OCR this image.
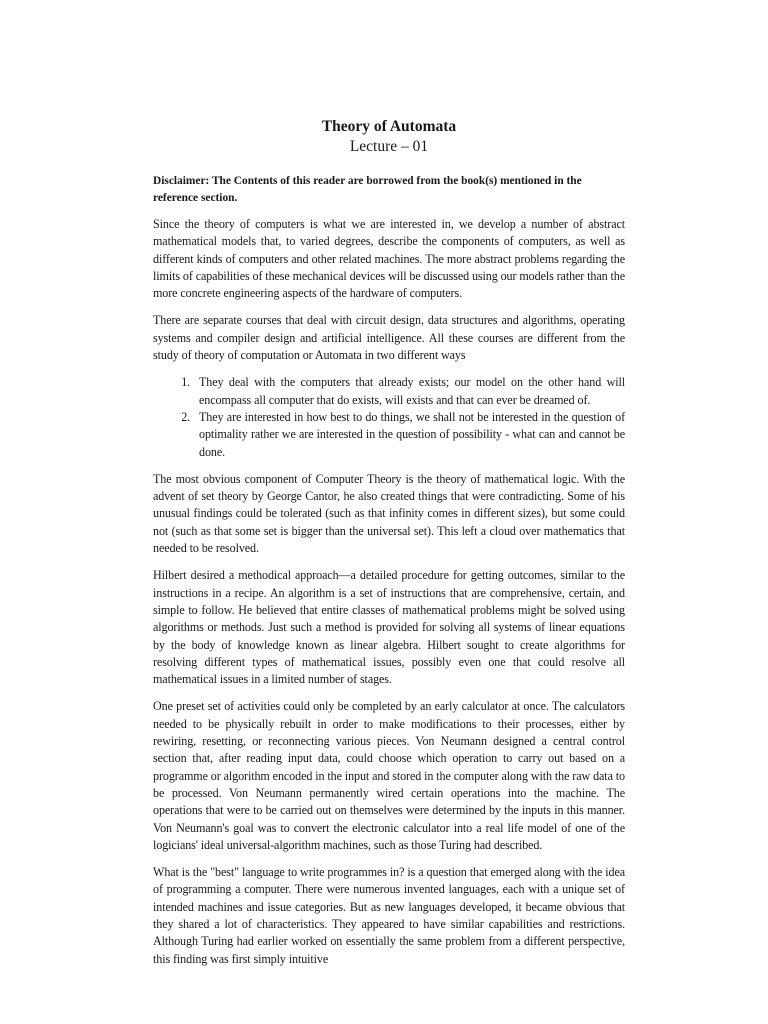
Theory of Automata
Lecture – 01

Disclaimer: The Contents of this reader are borrowed from the book(s) mentioned in the reference section.

Since the theory of computers is what we are interested in, we develop a number of abstract mathematical models that, to varied degrees, describe the components of computers, as well as different kinds of computers and other related machines. The more abstract problems regarding the limits of capabilities of these mechanical devices will be discussed using our models rather than the more concrete engineering aspects of the hardware of computers.

There are separate courses that deal with circuit design, data structures and algorithms, operating systems and compiler design and artificial intelligence. All these courses are different from the study of theory of computation or Automata in two different ways

1. They deal with the computers that already exists; our model on the other hand will encompass all computer that do exists, will exists and that can ever be dreamed of.
2. They are interested in how best to do things, we shall not be interested in the question of optimality rather we are interested in the question of possibility - what can and cannot be done.

The most obvious component of Computer Theory is the theory of mathematical logic. With the advent of set theory by George Cantor, he also created things that were contradicting. Some of his unusual findings could be tolerated (such as that infinity comes in different sizes), but some could not (such as that some set is bigger than the universal set). This left a cloud over mathematics that needed to be resolved.

Hilbert desired a methodical approach—a detailed procedure for getting outcomes, similar to the instructions in a recipe. An algorithm is a set of instructions that are comprehensive, certain, and simple to follow. He believed that entire classes of mathematical problems might be solved using algorithms or methods. Just such a method is provided for solving all systems of linear equations by the body of knowledge known as linear algebra. Hilbert sought to create algorithms for resolving different types of mathematical issues, possibly even one that could resolve all mathematical issues in a limited number of stages.

One preset set of activities could only be completed by an early calculator at once. The calculators needed to be physically rebuilt in order to make modifications to their processes, either by rewiring, resetting, or reconnecting various pieces. Von Neumann designed a central control section that, after reading input data, could choose which operation to carry out based on a programme or algorithm encoded in the input and stored in the computer along with the raw data to be processed. Von Neumann permanently wired certain operations into the machine. The operations that were to be carried out on themselves were determined by the inputs in this manner. Von Neumann's goal was to convert the electronic calculator into a real life model of one of the logicians' ideal universal-algorithm machines, such as those Turing had described.

What is the "best" language to write programmes in? is a question that emerged along with the idea of programming a computer. There were numerous invented languages, each with a unique set of intended machines and issue categories. But as new languages developed, it became obvious that they shared a lot of characteristics. They appeared to have similar capabilities and restrictions. Although Turing had earlier worked on essentially the same problem from a different perspective, this finding was first simply intuitive
